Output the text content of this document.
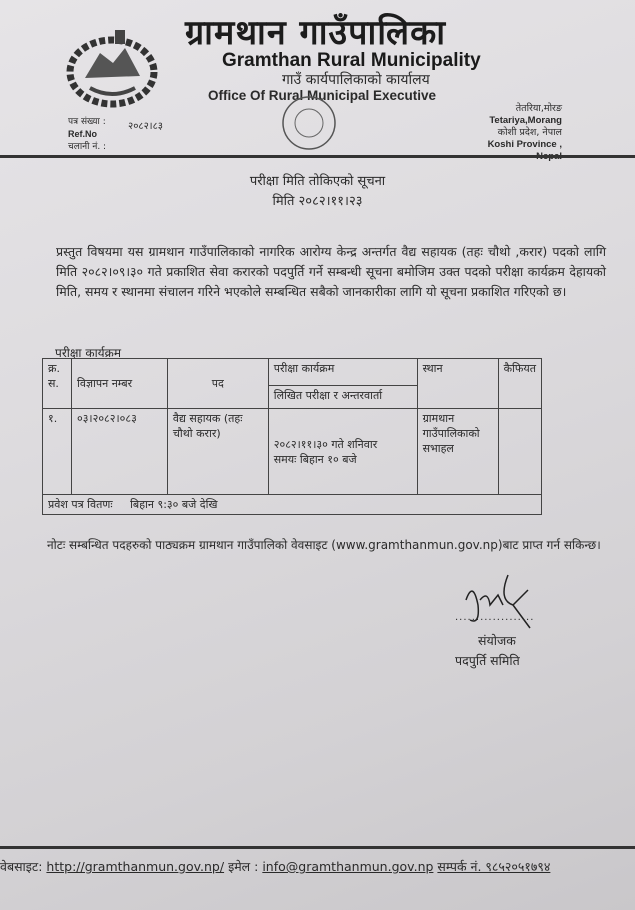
ग्रामथान गाउँपालिका
Gramthan Rural Municipality
गाउँ कार्यपालिकाको कार्यालय
Office Of Rural Municipal Executive
पत्र संख्या :
Ref.No
चलानी नं. :
२०८२।८३
तेतरिया,मोरङ
Tetariya,Morang
कोशी प्रदेश, नेपाल
Koshi Province ,
परीक्षा मिति तोकिएको सूचना
मिति २०८२।११।२३
प्रस्तुत विषयमा यस ग्रामथान गाउँपालिकाको नागरिक आरोग्य केन्द्र अन्तर्गत वैद्य सहायक (तहः चौथो ,करार) पदको लागि मिति २०८२।०९।३० गते प्रकाशित सेवा करारको पदपुर्ति गर्ने सम्बन्धी सूचना बमोजिम उक्त पदको परीक्षा कार्यक्रम देहायको मिति, समय र स्थानमा संचालन गरिने भएकोले सम्बन्धित सबैको जानकारीका लागि यो सूचना प्रकाशित गरिएको छ।
परीक्षा कार्यक्रम
क्र. स.	विज्ञापन नम्बर	पद	परीक्षा कार्यक्रम	स्थान	कैफियत
			लिखित परीक्षा र अन्तरवार्ता		
१.	०३।२०८२।०८३	वैद्य सहायक (तहः चौथो करार)	२०८२।११।३० गते शनिवार
समयः बिहान १० बजे	ग्रामथान गाउँपालिकाको सभाहल	
प्रवेश पत्र वितणः बिहान ९:३० बजे देखि					
नोटः सम्बन्धित पदहरुको पाठ्यक्रम ग्रामथान गाउँपालिको वेवसाइट (www.gramthanmun.gov.np)बाट प्राप्त गर्न सकिन्छ।
...................
संयोजक
पदपुर्ति समिति
वेबसाइट: http://gramthanmun.gov.np/ इमेल : info@gramthanmun.gov.np सम्पर्क नं. ९८५२०५१७९४
